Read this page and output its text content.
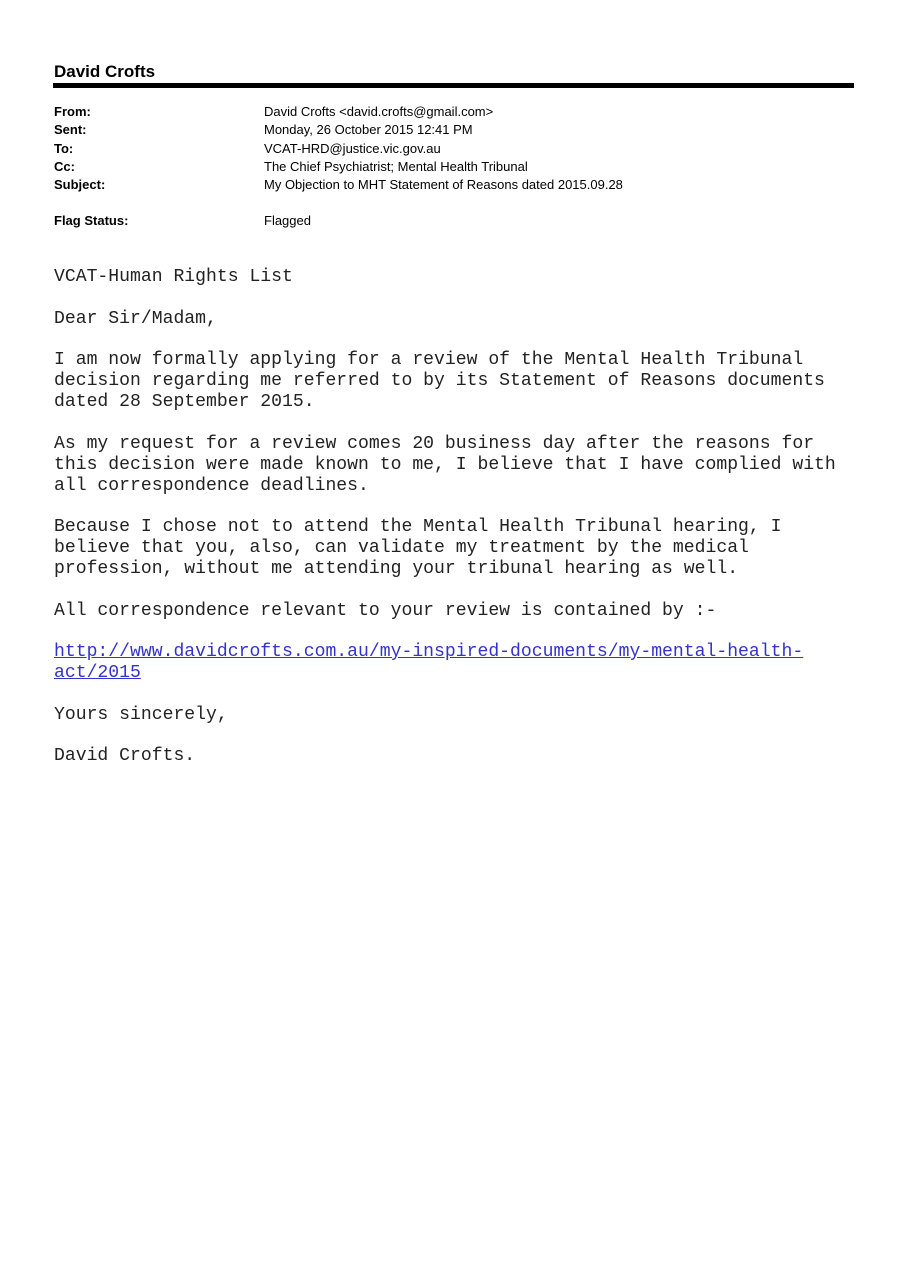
David Crofts
From:	David Crofts <david.crofts@gmail.com>
Sent:	Monday, 26 October 2015 12:41 PM
To:	VCAT-HRD@justice.vic.gov.au
Cc:	The Chief Psychiatrist; Mental Health Tribunal
Subject:	My Objection to MHT Statement of Reasons dated 2015.09.28
Flag Status:	Flagged

VCAT-Human Rights List

Dear Sir/Madam,

I am now formally applying for a review of the Mental Health Tribunal
decision regarding me referred to by its Statement of Reasons documents
dated 28 September 2015.

As my request for a review comes 20 business day after the reasons for
this decision were made known to me, I believe that I have complied with
all correspondence deadlines.

Because I chose not to attend the Mental Health Tribunal hearing, I
believe that you, also, can validate my treatment by the medical
profession, without me attending your tribunal hearing as well.

All correspondence relevant to your review is contained by :-

http://www.davidcrofts.com.au/my-inspired-documents/my-mental-health-
act/2015

Yours sincerely,

David Crofts.
